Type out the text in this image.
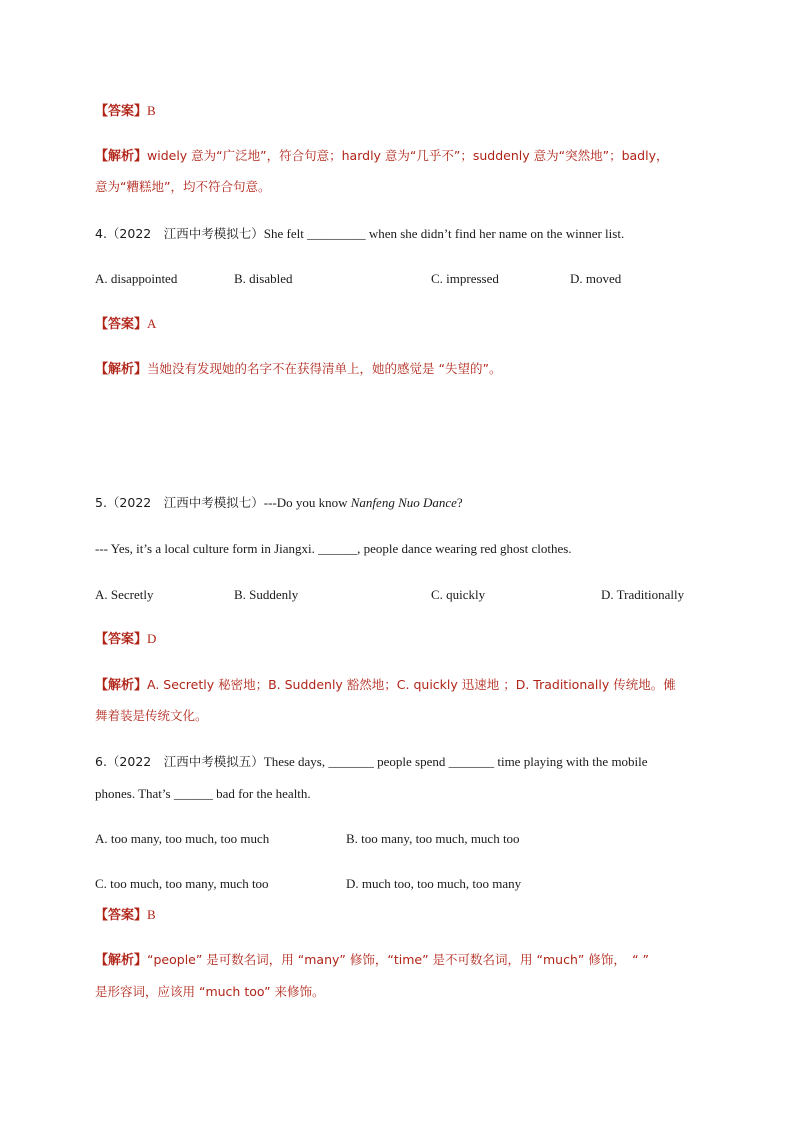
【答案】B
【解析】widely 意为“广泛地”，符合句意；hardly 意为“几乎不”；suddenly 意为“突然地”；badly，
意为“糟糕地”，均不符合句意。
4.（2022　江西中考模拟七）She felt _________ when she didn’t find her name on the winner list.
A. disappointed	B. disabled	C. impressed	D. moved
【答案】A
【解析】当她没有发现她的名字不在获得清单上，她的感觉是 “失望的”。
5.（2022　江西中考模拟七）---Do you know Nanfeng Nuo Dance?
--- Yes, it’s a local culture form in Jiangxi. ______, people dance wearing red ghost clothes.
A. Secretly	B. Suddenly	C. quickly	D. Traditionally
【答案】D
【解析】A. Secretly 秘密地；B. Suddenly 豁然地；C. quickly 迅速地 ；D. Traditionally 传统地。傩
舞着装是传统文化。
6.（2022　江西中考模拟五）These days, _______ people spend _______ time playing with the mobile
phones. That’s ______ bad for the health.
A. too many, too much, too much	B. too many, too much, much too
C. too much, too many, much too	D. much too, too much, too many
【答案】B
【解析】“people” 是可数名词，用 “many” 修饰，“time” 是不可数名词，用 “much” 修饰，　“ ”
是形容词，应该用 “much too” 来修饰。
